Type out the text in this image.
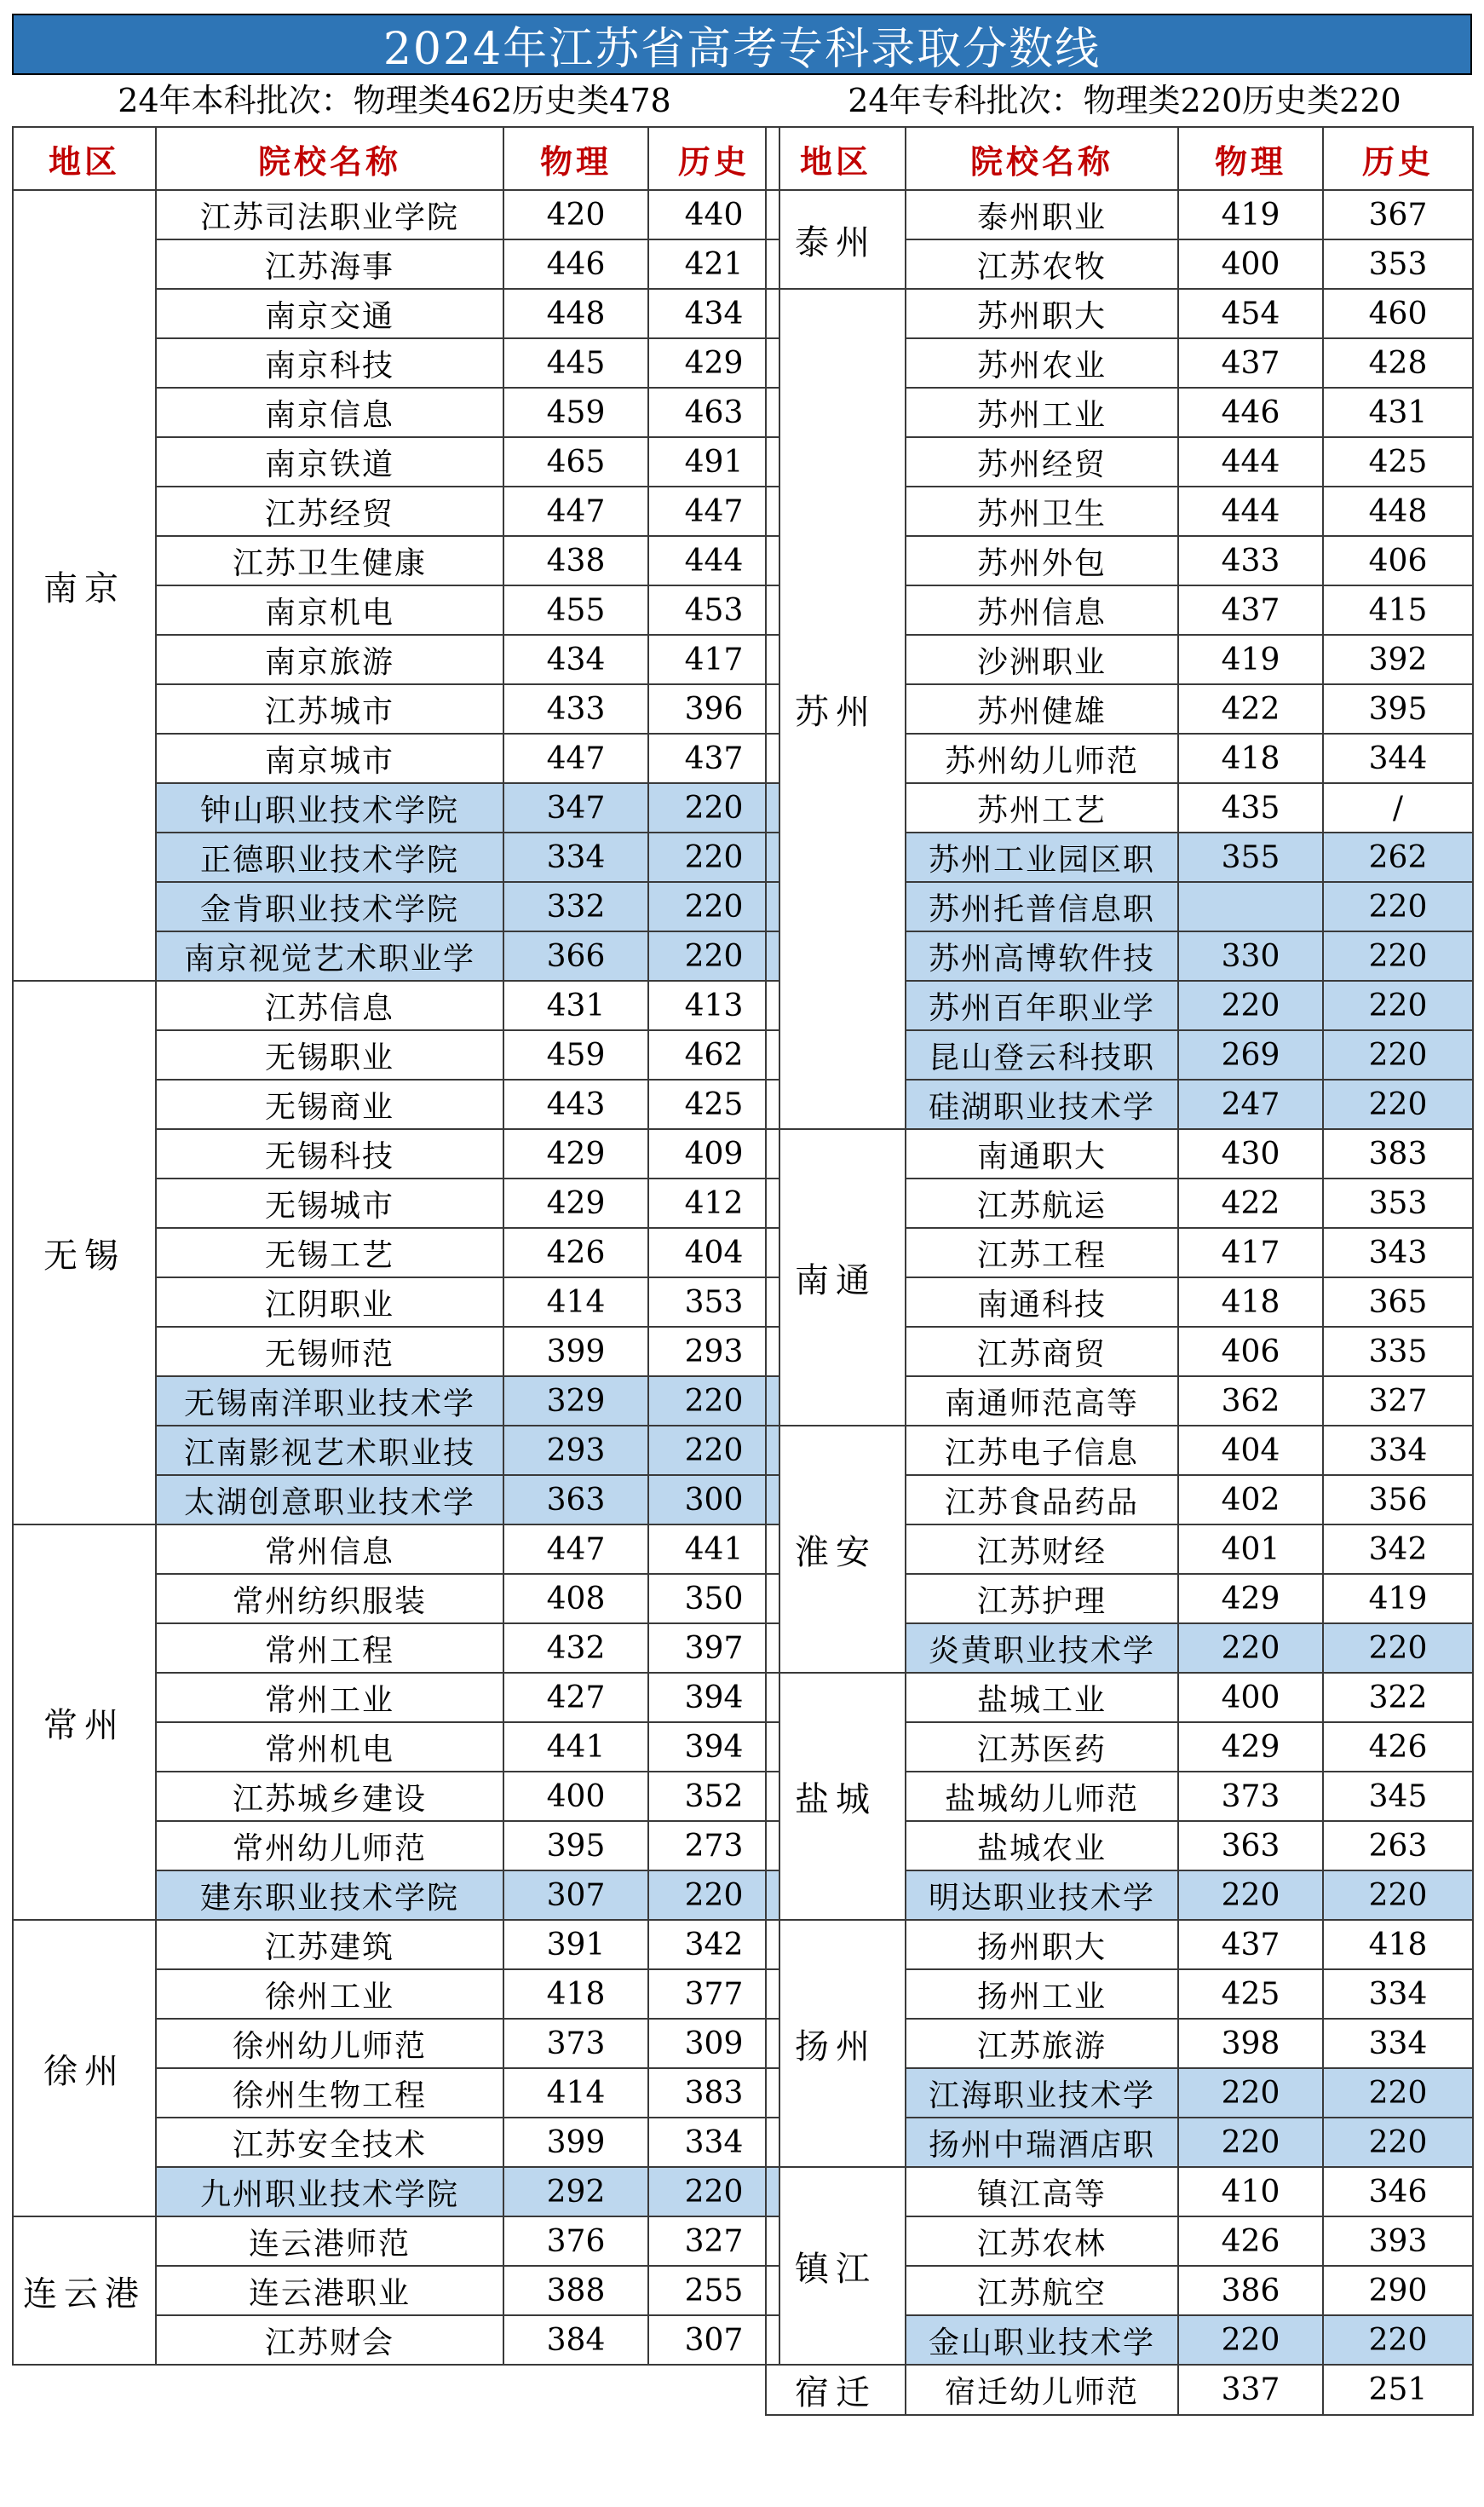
2024年江苏省高考专科录取分数线
24年本科批次：物理类462历史类478	24年专科批次：物理类220历史类220
地区	院校名称	物理	历史
南京	江苏司法职业学院	420	440
	江苏海事	446	421
	南京交通	448	434
	南京科技	445	429
	南京信息	459	463
	南京铁道	465	491
	江苏经贸	447	447
	江苏卫生健康	438	444
	南京机电	455	453
	南京旅游	434	417
	江苏城市	433	396
	南京城市	447	437
	钟山职业技术学院	347	220
	正德职业技术学院	334	220
	金肯职业技术学院	332	220
	南京视觉艺术职业学	366	220
无锡	江苏信息	431	413
	无锡职业	459	462
	无锡商业	443	425
	无锡科技	429	409
	无锡城市	429	412
	无锡工艺	426	404
	江阴职业	414	353
	无锡师范	399	293
	无锡南洋职业技术学	329	220
	江南影视艺术职业技	293	220
	太湖创意职业技术学	363	300
常州	常州信息	447	441
	常州纺织服装	408	350
	常州工程	432	397
	常州工业	427	394
	常州机电	441	394
	江苏城乡建设	400	352
	常州幼儿师范	395	273
	建东职业技术学院	307	220
徐州	江苏建筑	391	342
	徐州工业	418	377
	徐州幼儿师范	373	309
	徐州生物工程	414	383
	江苏安全技术	399	334
	九州职业技术学院	292	220
连云港	连云港师范	376	327
	连云港职业	388	255
	江苏财会	384	307
地区	院校名称	物理	历史
泰州	泰州职业	419	367
	江苏农牧	400	353
苏州	苏州职大	454	460
	苏州农业	437	428
	苏州工业	446	431
	苏州经贸	444	425
	苏州卫生	444	448
	苏州外包	433	406
	苏州信息	437	415
	沙洲职业	419	392
	苏州健雄	422	395
	苏州幼儿师范	418	344
	苏州工艺	435	/
	苏州工业园区职	355	262
	苏州托普信息职		220
	苏州高博软件技	330	220
	苏州百年职业学	220	220
	昆山登云科技职	269	220
	硅湖职业技术学	247	220
南通	南通职大	430	383
	江苏航运	422	353
	江苏工程	417	343
	南通科技	418	365
	江苏商贸	406	335
	南通师范高等	362	327
淮安	江苏电子信息	404	334
	江苏食品药品	402	356
	江苏财经	401	342
	江苏护理	429	419
	炎黄职业技术学	220	220
盐城	盐城工业	400	322
	江苏医药	429	426
	盐城幼儿师范	373	345
	盐城农业	363	263
	明达职业技术学	220	220
扬州	扬州职大	437	418
	扬州工业	425	334
	江苏旅游	398	334
	江海职业技术学	220	220
	扬州中瑞酒店职	220	220
镇江	镇江高等	410	346
	江苏农林	426	393
	江苏航空	386	290
	金山职业技术学	220	220
宿迁	宿迁幼儿师范	337	251
